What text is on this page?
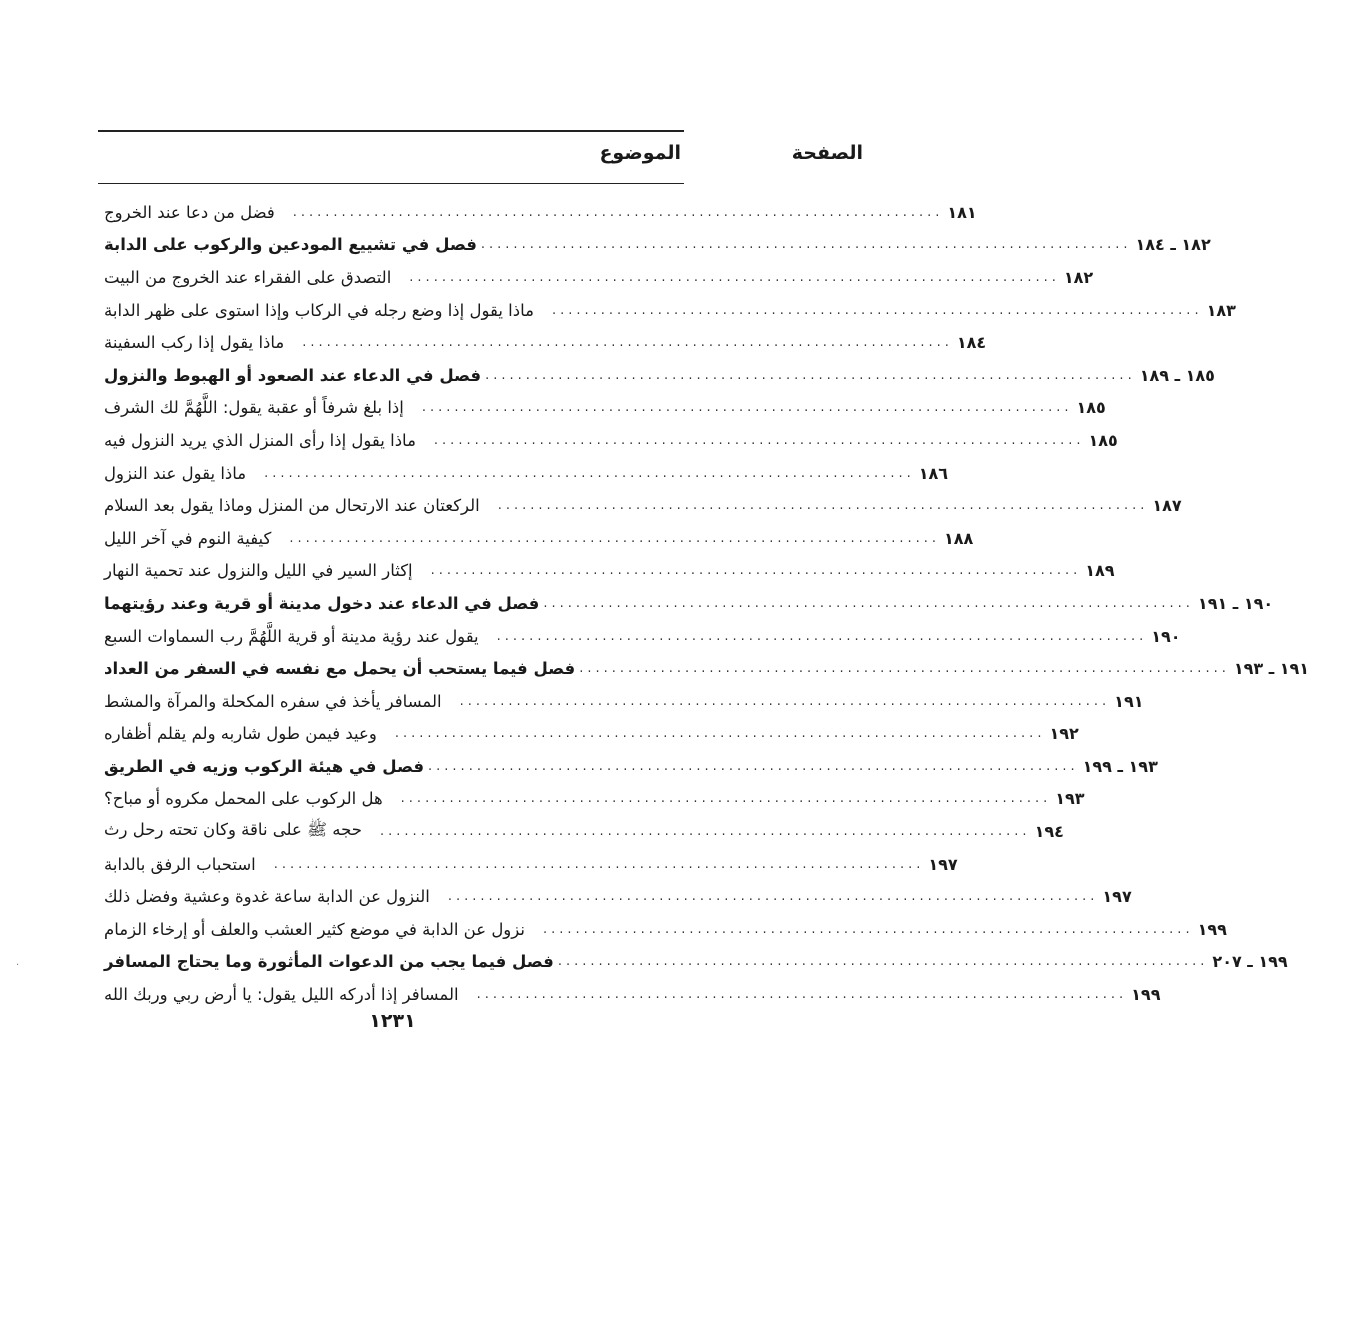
الموضوع	الصفحة
فضل من دعا عند الخروج	................................................................................ ١٨١
فصل في تشييع المودعين والركوب على الدابة ................................................................................ ١٨٢ ـ ١٨٤
التصدق على الفقراء عند الخروج من البيت	................................................................................ ١٨٢
ماذا يقول إذا وضع رجله في الركاب وإذا استوى على ظهر الدابة	................................................................................ ١٨٣
ماذا يقول إذا ركب السفينة	................................................................................ ١٨٤
فصل في الدعاء عند الصعود أو الهبوط والنزول ................................................................................ ١٨٥ ـ ١٨٩
إذا بلغ شرفاً أو عقبة يقول: اللَّهُمَّ لك الشرف	................................................................................ ١٨٥
ماذا يقول إذا رأى المنزل الذي يريد النزول فيه	................................................................................ ١٨٥
ماذا يقول عند النزول	................................................................................ ١٨٦
الركعتان عند الارتحال من المنزل وماذا يقول بعد السلام	................................................................................ ١٨٧
كيفية النوم في آخر الليل	................................................................................ ١٨٨
إكثار السير في الليل والنزول عند تحمية النهار	................................................................................ ١٨٩
فصل في الدعاء عند دخول مدينة أو قرية وعند رؤيتهما ................................................................................ ١٩٠ ـ ١٩١
يقول عند رؤية مدينة أو قرية اللَّهُمَّ رب السماوات السبع	................................................................................ ١٩٠
فصل فيما يستحب أن يحمل مع نفسه في السفر من العداد ................................................................................ ١٩١ ـ ١٩٣
المسافر يأخذ في سفره المكحلة والمرآة والمشط	................................................................................ ١٩١
وعيد فيمن طول شاربه ولم يقلم أظفاره	................................................................................ ١٩٢
فصل في هيئة الركوب وزيه في الطريق ................................................................................ ١٩٣ ـ ١٩٩
هل الركوب على المحمل مكروه أو مباح؟	................................................................................ ١٩٣
حجه ﷺ على ناقة وكان تحته رحل رث	................................................................................ ١٩٤
استحباب الرفق بالدابة	................................................................................ ١٩٧
النزول عن الدابة ساعة غدوة وعشية وفضل ذلك	................................................................................ ١٩٧
نزول عن الدابة في موضع كثير العشب والعلف أو إرخاء الزمام	................................................................................ ١٩٩
فصل فيما يجب من الدعوات المأثورة وما يحتاج المسافر ................................................................................ ١٩٩ ـ ٢٠٧
المسافر إذا أدركه الليل يقول: يا أرض ربي وربك الله	................................................................................ ١٩٩
·
١٢٣١
